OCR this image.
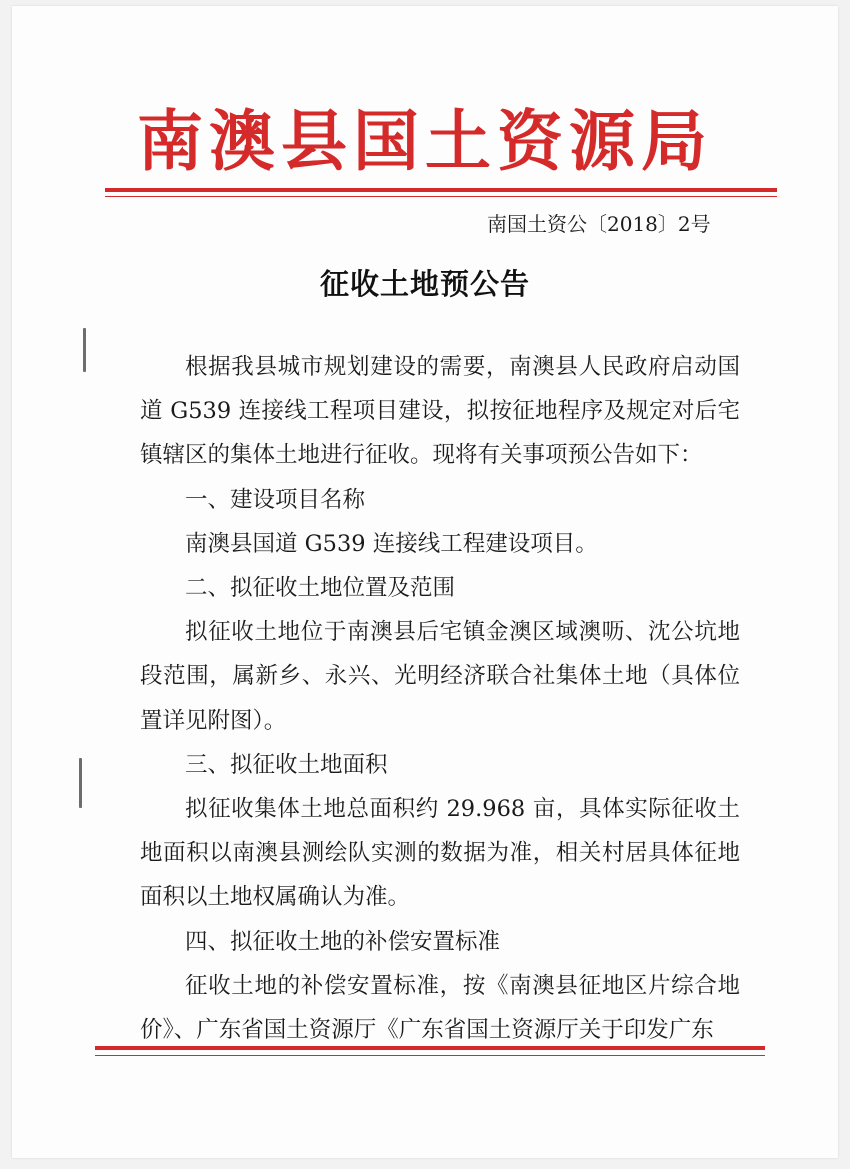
南澳县国土资源局
南国土资公〔2018〕2号
征收土地预公告

根据我县城市规划建设的需要，南澳县人民政府启动国道 G539 连接线工程项目建设，拟按征地程序及规定对后宅镇辖区的集体土地进行征收。现将有关事项预公告如下：

一、建设项目名称

南澳县国道 G539 连接线工程建设项目。

二、拟征收土地位置及范围

拟征收土地位于南澳县后宅镇金澳区域澳呖、沈公坑地段范围，属新乡、永兴、光明经济联合社集体土地（具体位置详见附图）。

三、拟征收土地面积

拟征收集体土地总面积约 29.968 亩，具体实际征收土地面积以南澳县测绘队实测的数据为准，相关村居具体征地面积以土地权属确认为准。

四、拟征收土地的补偿安置标准

征收土地的补偿安置标准，按《南澳县征地区片综合地价》、广东省国土资源厅《广东省国土资源厅关于印发广东
